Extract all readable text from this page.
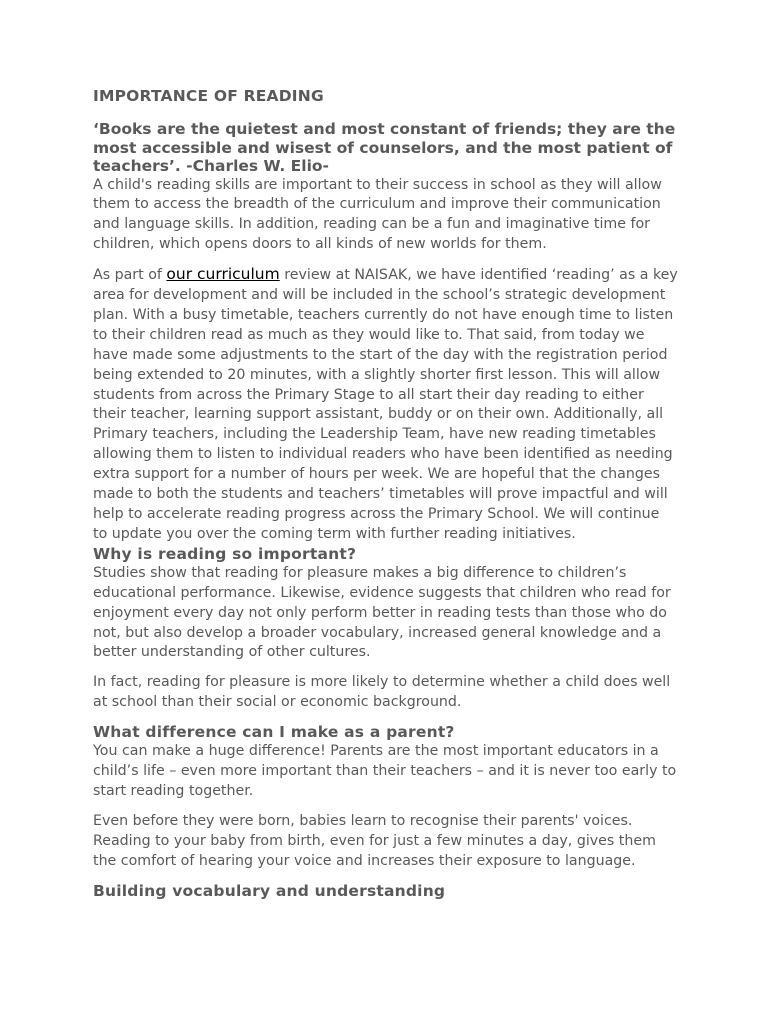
IMPORTANCE OF READING
‘Books are the quietest and most constant of friends; they are the most accessible and wisest of counselors, and the most patient of teachers’. -Charles W. Elio-

A child's reading skills are important to their success in school as they will allow them to access the breadth of the curriculum and improve their communication and language skills. In addition, reading can be a fun and imaginative time for children, which opens doors to all kinds of new worlds for them.

As part of our curriculum review at NAISAK, we have identified ‘reading’ as a key area for development and will be included in the school’s strategic development plan. With a busy timetable, teachers currently do not have enough time to listen to their children read as much as they would like to. That said, from today we have made some adjustments to the start of the day with the registration period being extended to 20 minutes, with a slightly shorter first lesson. This will allow students from across the Primary Stage to all start their day reading to either their teacher, learning support assistant, buddy or on their own. Additionally, all Primary teachers, including the Leadership Team, have new reading timetables allowing them to listen to individual readers who have been identified as needing extra support for a number of hours per week. We are hopeful that the changes made to both the students and teachers’ timetables will prove impactful and will help to accelerate reading progress across the Primary School. We will continue to update you over the coming term with further reading initiatives.

Why is reading so important?

Studies show that reading for pleasure makes a big difference to children’s educational performance. Likewise, evidence suggests that children who read for enjoyment every day not only perform better in reading tests than those who do not, but also develop a broader vocabulary, increased general knowledge and a better understanding of other cultures.

In fact, reading for pleasure is more likely to determine whether a child does well at school than their social or economic background.

What difference can I make as a parent?

You can make a huge difference! Parents are the most important educators in a child’s life – even more important than their teachers – and it is never too early to start reading together.

Even before they were born, babies learn to recognise their parents' voices. Reading to your baby from birth, even for just a few minutes a day, gives them the comfort of hearing your voice and increases their exposure to language.

Building vocabulary and understanding
